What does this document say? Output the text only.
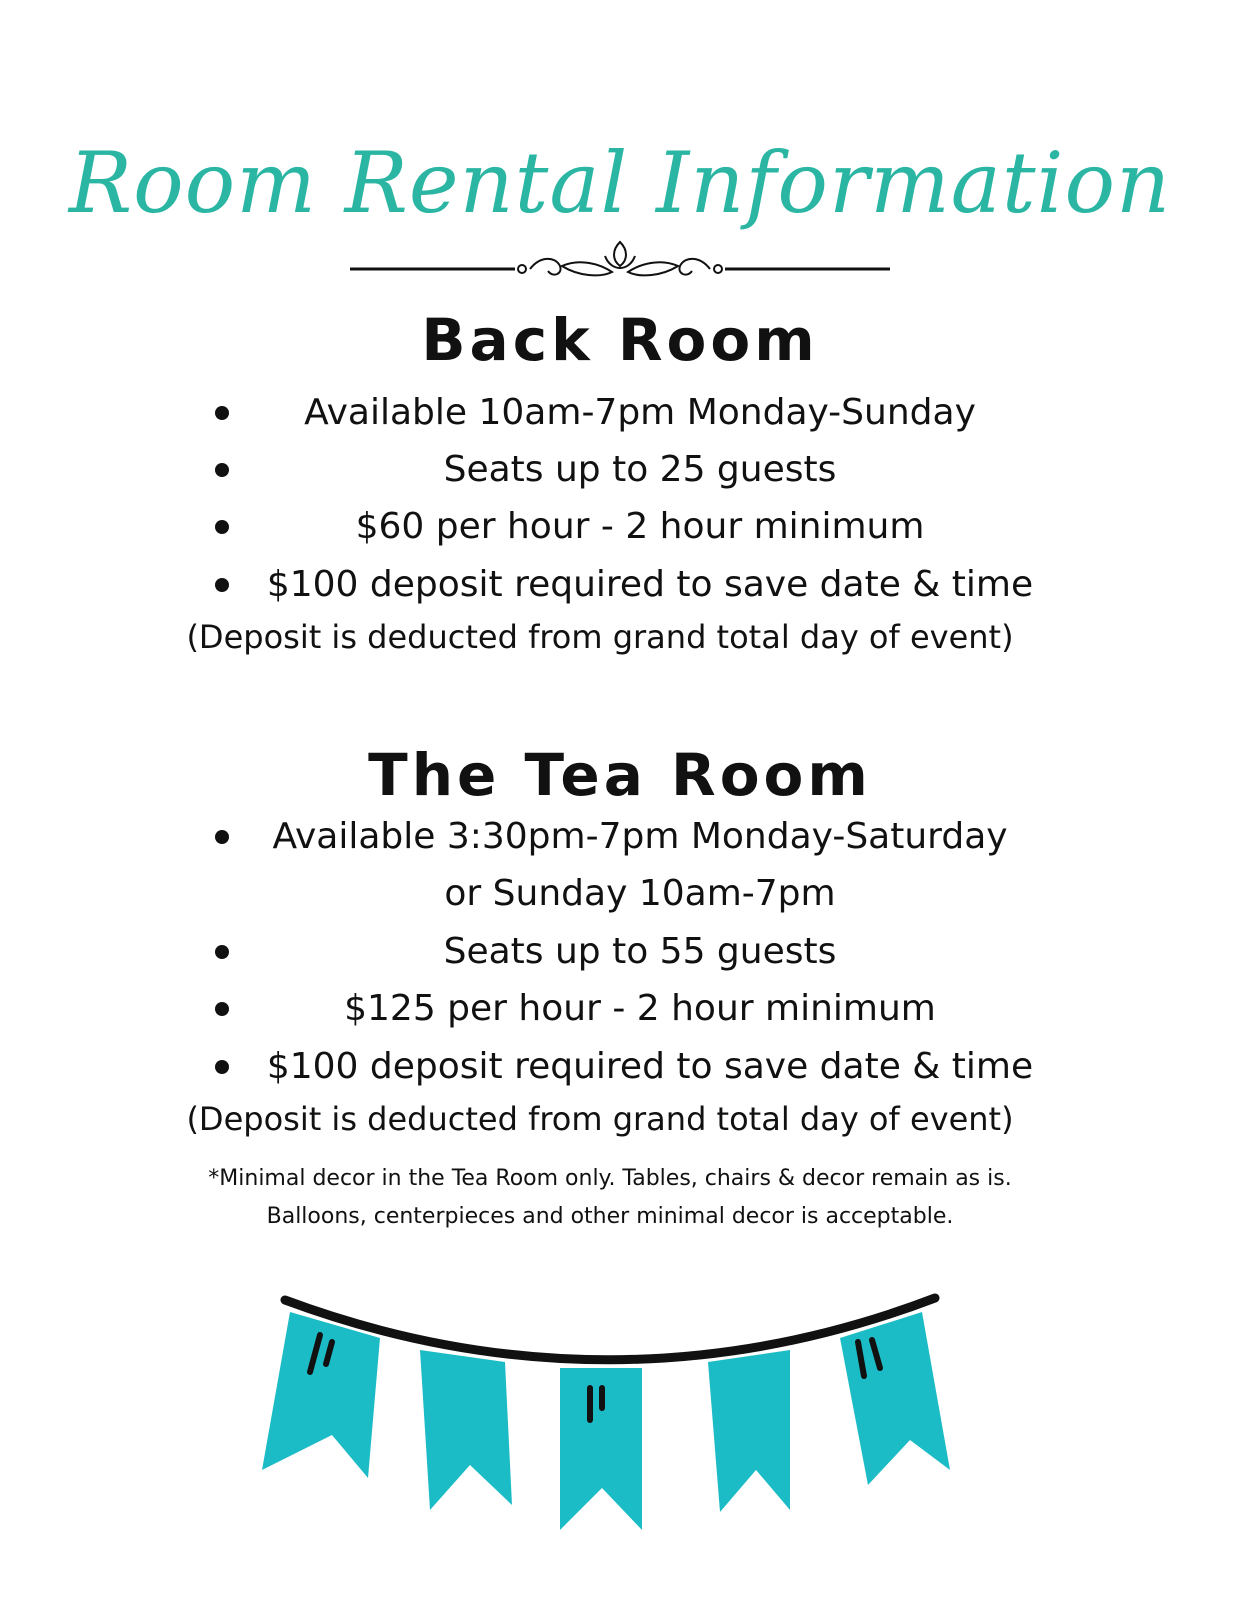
Room Rental Information
Back Room
Available 10am-7pm Monday-Sunday
Seats up to 25 guests
$60 per hour - 2 hour minimum
$100 deposit required to save date & time
(Deposit is deducted from grand total day of event)
The Tea Room
Available 3:30pm-7pm Monday-Saturday
or Sunday 10am-7pm
Seats up to 55 guests
$125 per hour - 2 hour minimum
$100 deposit required to save date & time
(Deposit is deducted from grand total day of event)
*Minimal decor in the Tea Room only. Tables, chairs & decor remain as is.
Balloons, centerpieces and other minimal decor is acceptable.
